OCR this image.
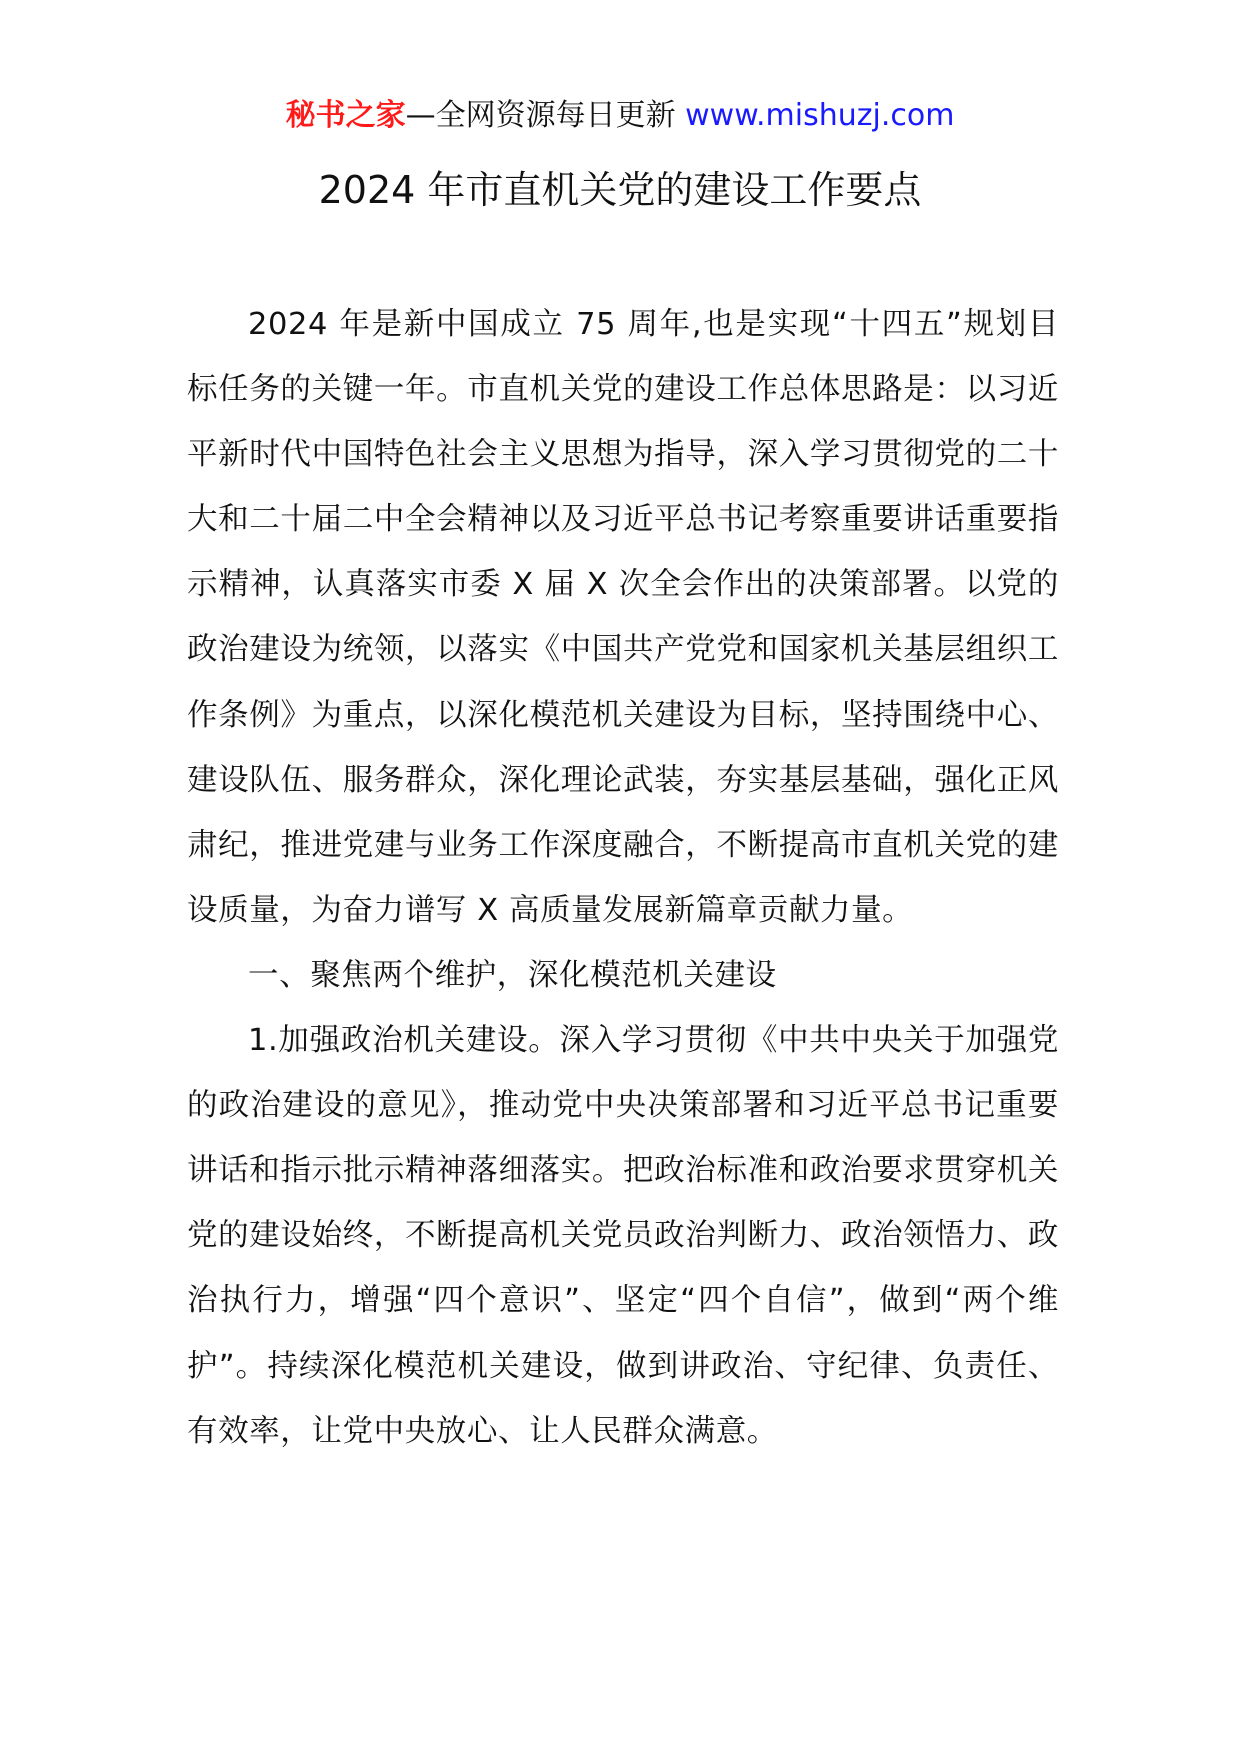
秘书之家—全网资源每日更新 www.mishuzj.com
2024 年市直机关党的建设工作要点

2024 年是新中国成立 75 周年,也是实现“十四五”规划目标任务的关键一年。市直机关党的建设工作总体思路是：以习近平新时代中国特色社会主义思想为指导，深入学习贯彻党的二十大和二十届二中全会精神以及习近平总书记考察重要讲话重要指示精神，认真落实市委 X 届 X 次全会作出的决策部署。以党的政治建设为统领，以落实《中国共产党党和国家机关基层组织工作条例》为重点，以深化模范机关建设为目标，坚持围绕中心、建设队伍、服务群众，深化理论武装，夯实基层基础，强化正风肃纪，推进党建与业务工作深度融合，不断提高市直机关党的建设质量，为奋力谱写 X 高质量发展新篇章贡献力量。

一、聚焦两个维护，深化模范机关建设

1.加强政治机关建设。深入学习贯彻《中共中央关于加强党的政治建设的意见》，推动党中央决策部署和习近平总书记重要讲话和指示批示精神落细落实。把政治标准和政治要求贯穿机关党的建设始终，不断提高机关党员政治判断力、政治领悟力、政治执行力，增强“四个意识”、坚定“四个自信”，做到“两个维护”。持续深化模范机关建设，做到讲政治、守纪律、负责任、有效率，让党中央放心、让人民群众满意。
